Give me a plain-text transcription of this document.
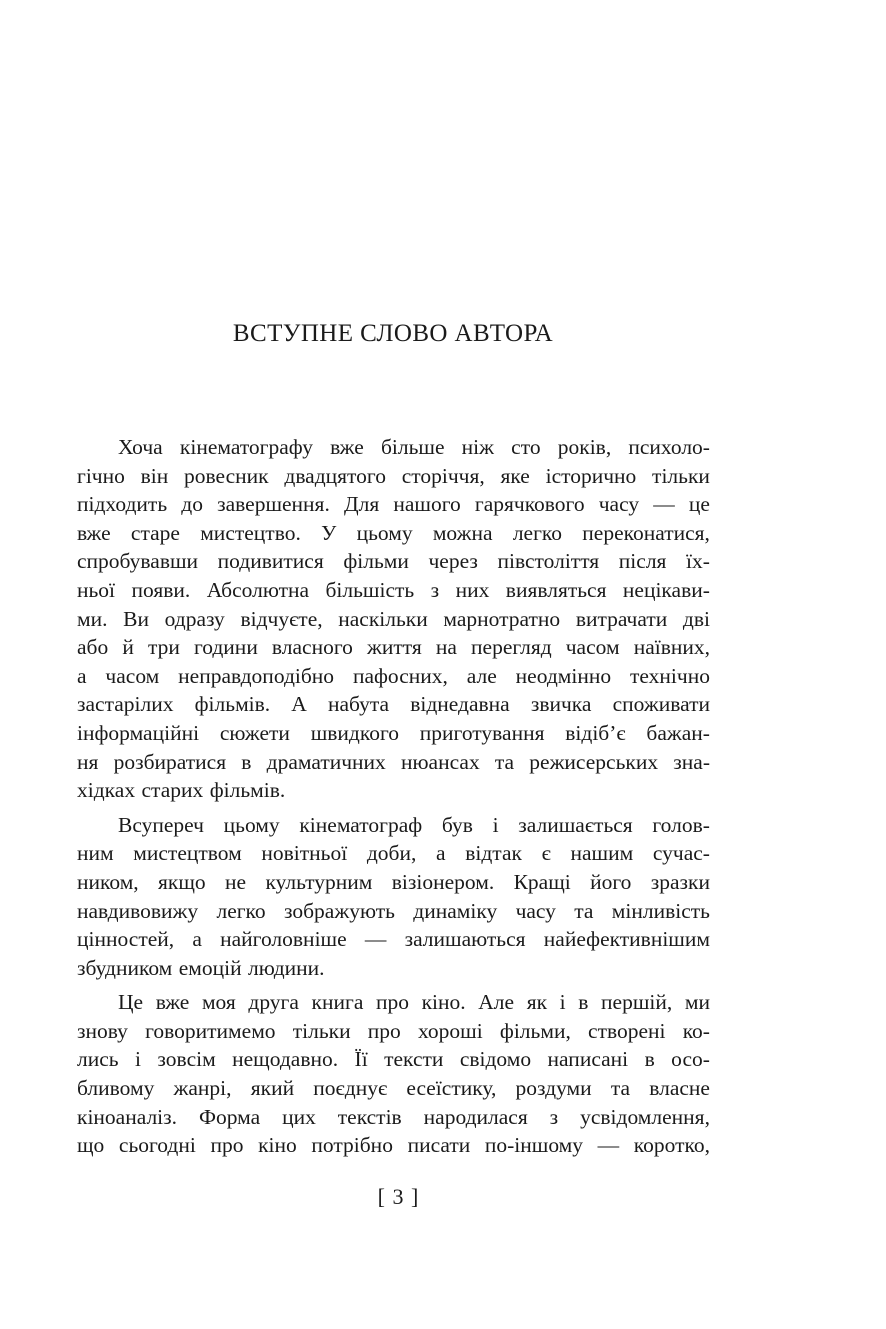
ВСТУПНЕ СЛОВО АВТОРА
Хоча кінематографу вже більше ніж сто років, психоло-
гічно він ровесник двадцятого сторіччя, яке історично тільки
підходить до завершення. Для нашого гарячкового часу — це
вже старе мистецтво. У цьому можна легко переконатися,
спробувавши подивитися фільми через півстоліття після їх-
ньої появи. Абсолютна більшість з них виявляться нецікави-
ми. Ви одразу відчуєте, наскільки марнотратно витрачати дві
або й три години власного життя на перегляд часом наївних,
а часом неправдоподібно пафосних, але неодмінно технічно
застарілих фільмів. А набута віднедавна звичка споживати
інформаційні сюжети швидкого приготування відіб’є бажан-
ня розбиратися в драматичних нюансах та режисерських зна-
хідках старих фільмів.
Всупереч цьому кінематограф був і залишається голов-
ним мистецтвом новітньої доби, а відтак є нашим сучас-
ником, якщо не культурним візіонером. Кращі його зразки
навдивовижу легко зображують динаміку часу та мінливість
цінностей, а найголовніше — залишаються найефективнішим
збудником емоцій людини.
Це вже моя друга книга про кіно. Але як і в першій, ми
знову говоритимемо тільки про хороші фільми, створені ко-
лись і зовсім нещодавно. Її тексти свідомо написані в осо-
бливому жанрі, який поєднує есеїстику, роздуми та власне
кіноаналіз. Форма цих текстів народилася з усвідомлення,
що сьогодні про кіно потрібно писати по-іншому — коротко,
[ 3 ]
